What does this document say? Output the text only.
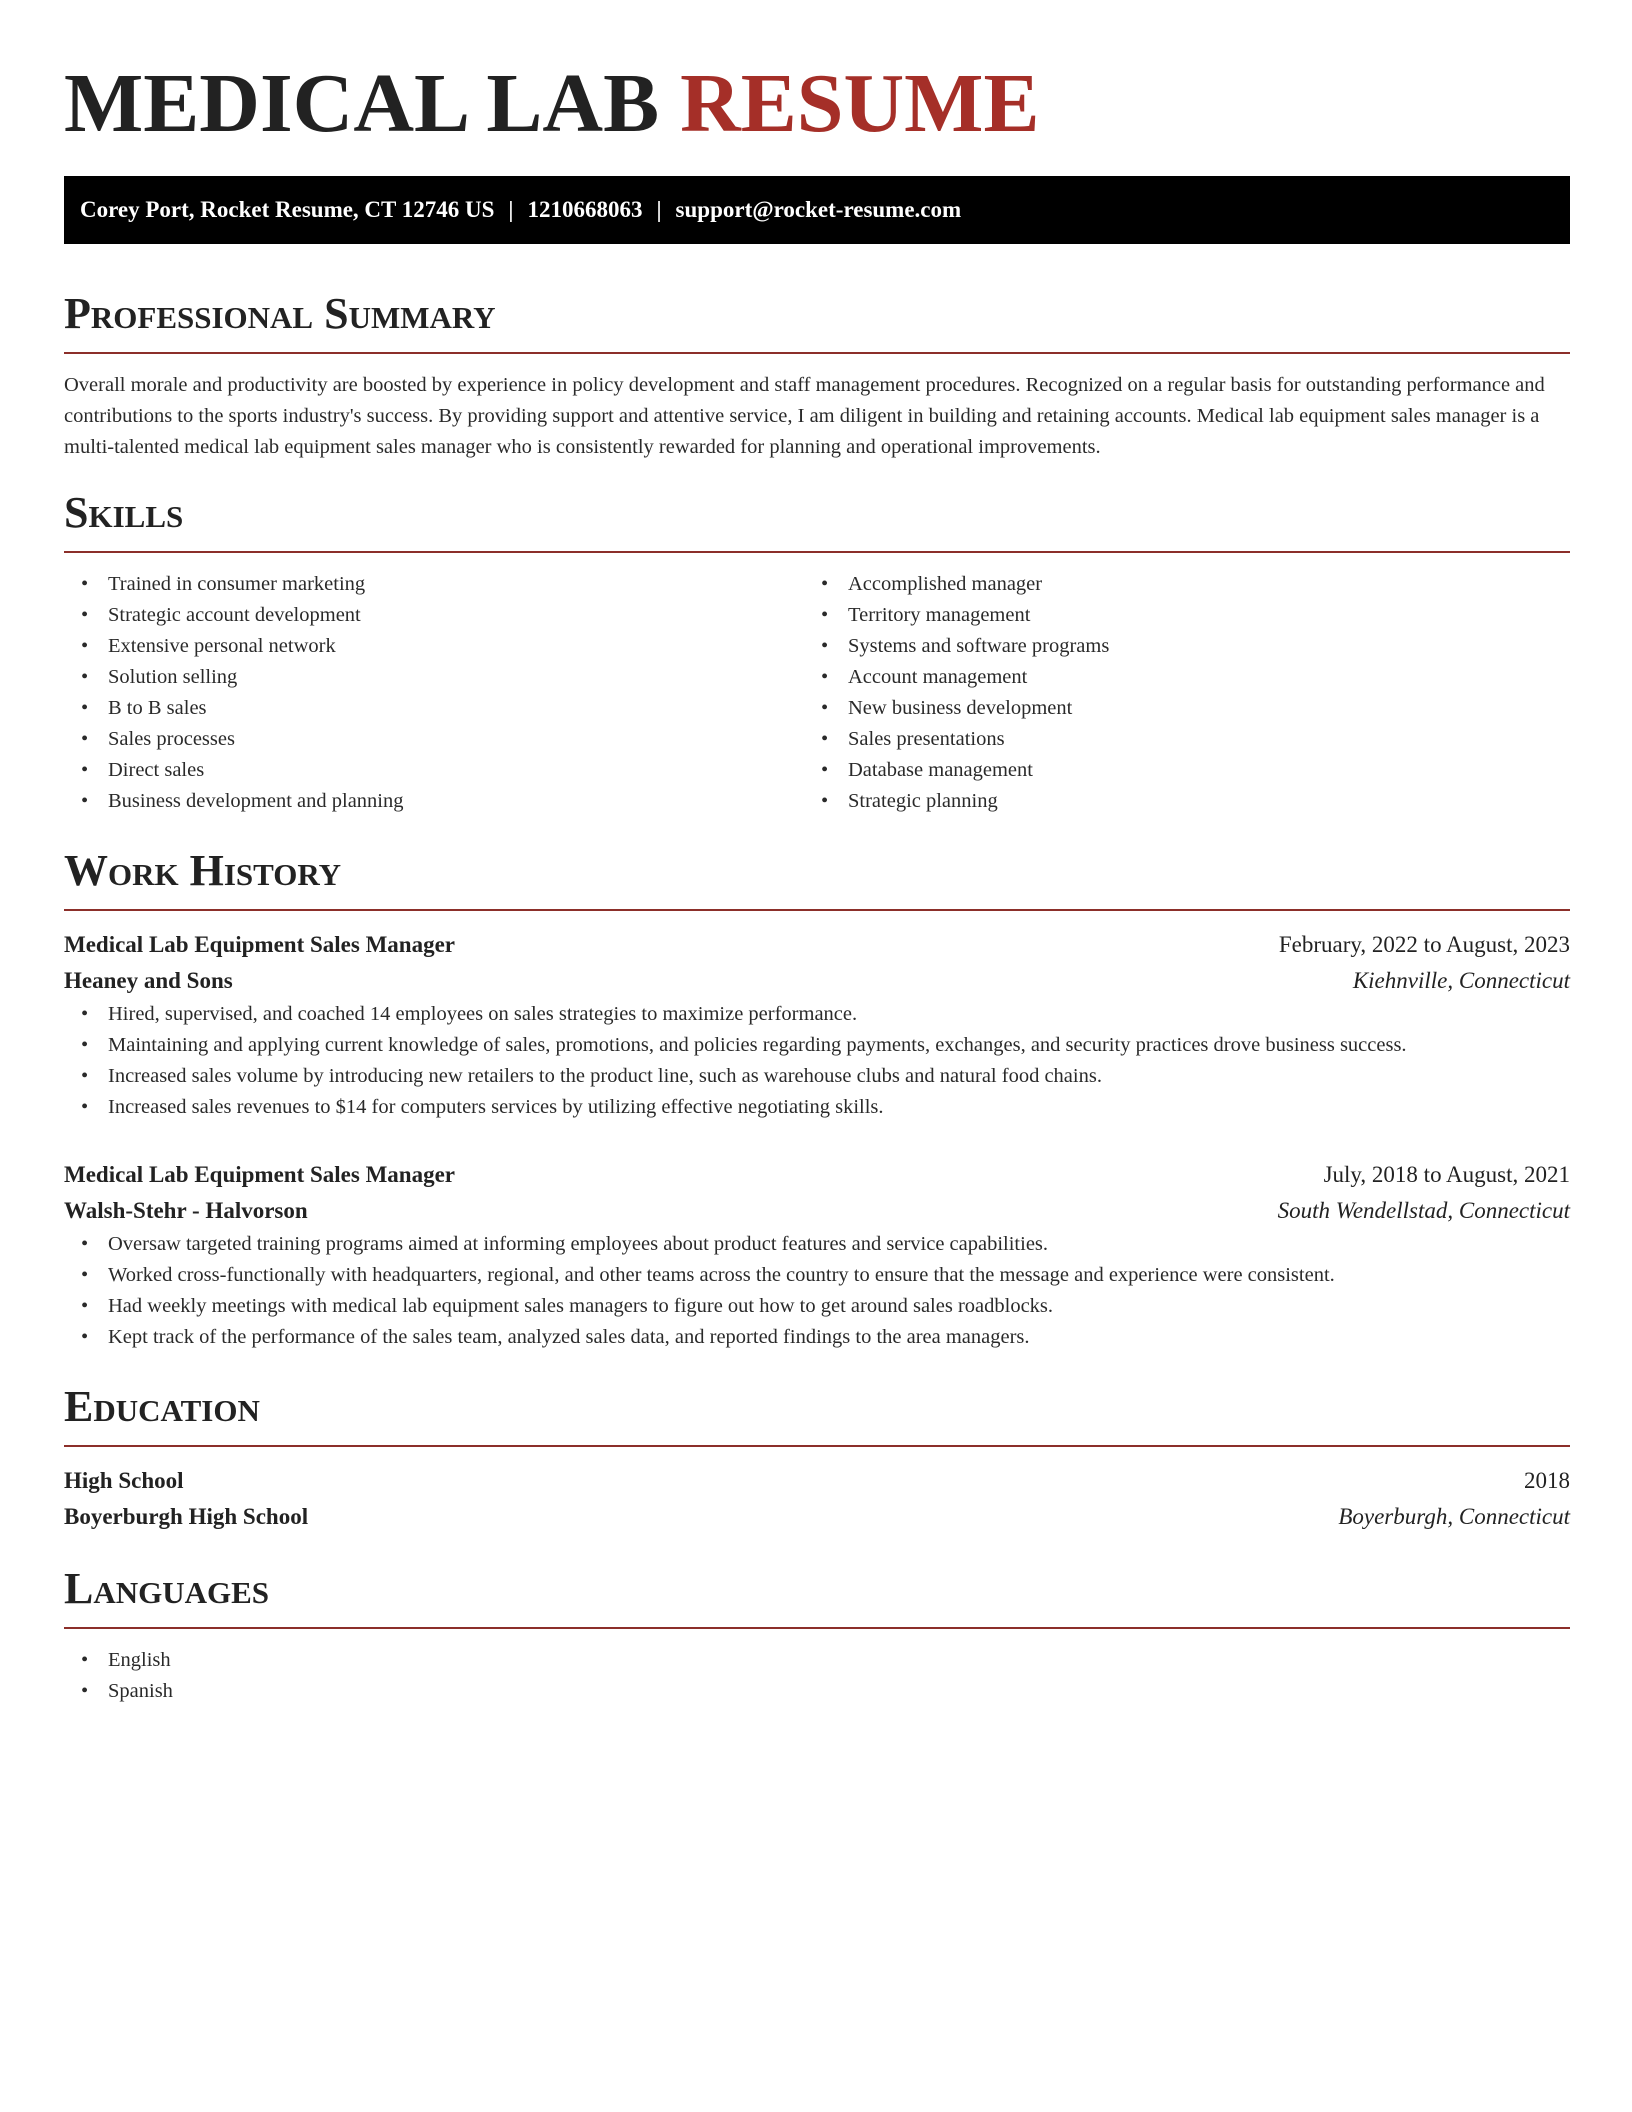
MEDICAL LAB RESUME
Corey Port, Rocket Resume, CT 12746 US | 1210668063 | support@rocket-resume.com
Professional Summary

Overall morale and productivity are boosted by experience in policy development and staff management procedures. Recognized on a regular basis for outstanding performance and contributions to the sports industry's success. By providing support and attentive service, I am diligent in building and retaining accounts. Medical lab equipment sales manager is a multi-talented medical lab equipment sales manager who is consistently rewarded for planning and operational improvements.

Skills
• Trained in consumer marketing
• Strategic account development
• Extensive personal network
• Solution selling
• B to B sales
• Sales processes
• Direct sales
• Business development and planning
• Accomplished manager
• Territory management
• Systems and software programs
• Account management
• New business development
• Sales presentations
• Database management
• Strategic planning
Work History
Medical Lab Equipment Sales Manager	February, 2022 to August, 2023
Heaney and Sons	Kiehnville, Connecticut
• Hired, supervised, and coached 14 employees on sales strategies to maximize performance.
• Maintaining and applying current knowledge of sales, promotions, and policies regarding payments, exchanges, and security practices drove business success.
• Increased sales volume by introducing new retailers to the product line, such as warehouse clubs and natural food chains.
• Increased sales revenues to $14 for computers services by utilizing effective negotiating skills.
Medical Lab Equipment Sales Manager	July, 2018 to August, 2021
Walsh-Stehr - Halvorson	South Wendellstad, Connecticut
• Oversaw targeted training programs aimed at informing employees about product features and service capabilities.
• Worked cross-functionally with headquarters, regional, and other teams across the country to ensure that the message and experience were consistent.
• Had weekly meetings with medical lab equipment sales managers to figure out how to get around sales roadblocks.
• Kept track of the performance of the sales team, analyzed sales data, and reported findings to the area managers.
Education
High School	2018
Boyerburgh High School	Boyerburgh, Connecticut
Languages
• English
• Spanish
